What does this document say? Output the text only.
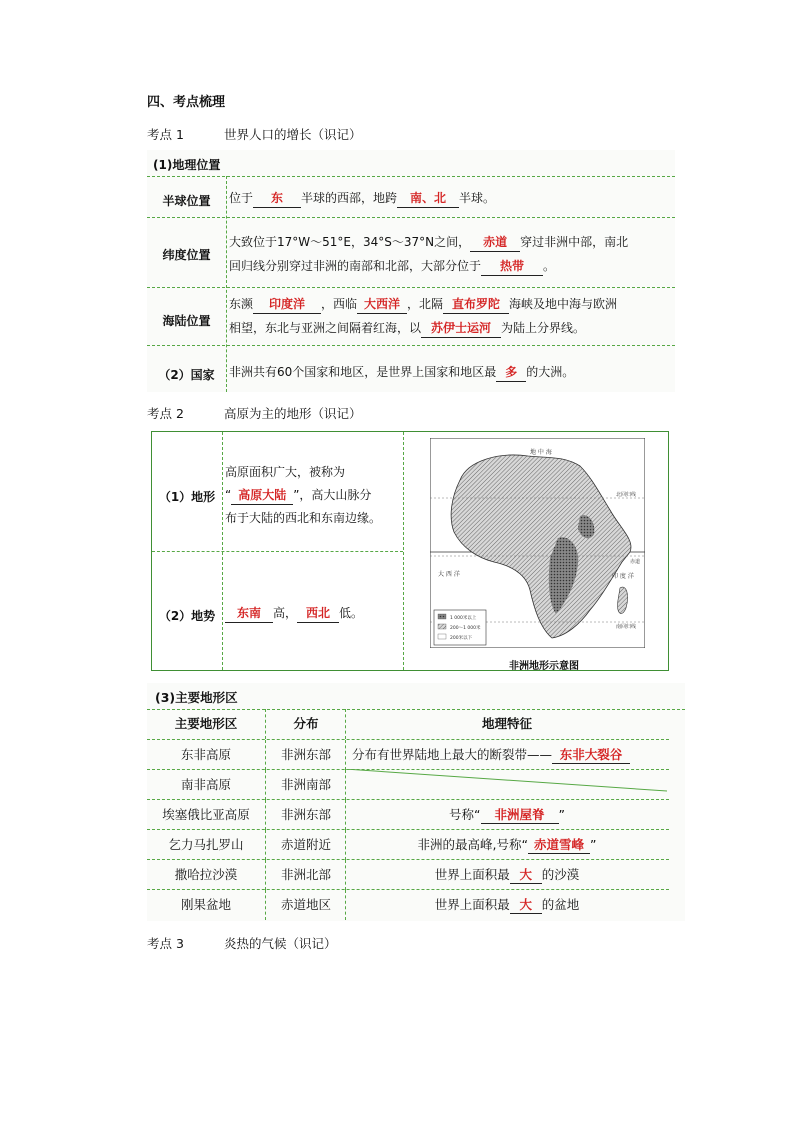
四、考点梳理
考点 1	世界人口的增长（识记）
(1)地理位置
半球位置	位于 东 半球的西部，地跨 南、北 半球。
纬度位置
大致位于17°W～51°E，34°S～37°N之间， 赤道 穿过非洲中部，南北
回归线分别穿过非洲的南部和北部，大部分位于 热带 。
海陆位置
东濒 印度洋 ，西临 大西洋 ，北隔 直布罗陀 海峡及地中海与欧洲
相望，东北与亚洲之间隔着红海，以 苏伊士运河 为陆上分界线。
（2）国家	非洲共有60个国家和地区，是世界上国家和地区最 多 的大洲。
考点 2	高原为主的地形（识记）
（1）地形
高原面积广大，被称为
“ 高原大陆 ”，高大山脉分
布于大陆的西北和东南边缘。
（2）地势	东南 高， 西北 低。
地 中 海
北回归线
赤道
大 西 洋	印 度 洋
南回归线
1 000米以上
200～1 000米
200米以下
非洲地形示意图
(3)主要地形区
主要地形区	分布	地理特征
东非高原	非洲东部	分布有世界陆地上最大的断裂带—— 东非大裂谷
南非高原	非洲南部
埃塞俄比亚高原	非洲东部	号称“ 非洲屋脊 ”
乞力马扎罗山	赤道附近	非洲的最高峰,号称“ 赤道雪峰 ”
撒哈拉沙漠	非洲北部	世界上面积最 大 的沙漠
刚果盆地	赤道地区	世界上面积最 大 的盆地
考点 3	炎热的气候（识记）
